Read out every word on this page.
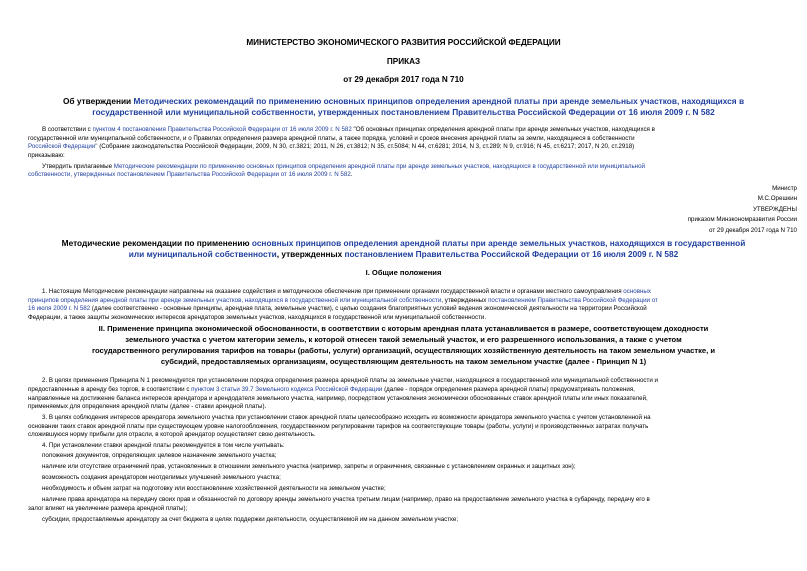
МИНИСТЕРСТВО ЭКОНОМИЧЕСКОГО РАЗВИТИЯ РОССИЙСКОЙ ФЕДЕРАЦИИ
ПРИКАЗ
от 29 декабря 2017 года N 710
Об утверждении Методических рекомендаций по применению основных принципов определения арендной платы при аренде земельных участков, находящихся в
государственной или муниципальной собственности, утвержденных постановлением Правительства Российской Федерации от 16 июля 2009 г. N 582
В соответствии с пунктом 4 постановления Правительства Российской Федерации от 16 июля 2009 г. N 582 "Об основных принципах определения арендной платы при аренде земельных участков, находящихся в
государственной или муниципальной собственности, и о Правилах определения размера арендной платы, а также порядка, условий и сроков внесения арендной платы за земли, находящиеся в собственности
Российской Федерации" (Собрание законодательства Российской Федерации, 2009, N 30, ст.3821; 2011, N 26, ст.3812; N 35, ст.5084; N 44, ст.6281; 2014, N 3, ст.289; N 9, ст.916; N 45, ст.6217; 2017, N 20, ст.2918)
приказываю:
Утвердить прилагаемые Методические рекомендации по применению основных принципов определения арендной платы при аренде земельных участков, находящихся в государственной или муниципальной
собственности, утвержденных постановлением Правительства Российской Федерации от 16 июля 2009 г. N 582.
Министр
М.С.Орешкин
УТВЕРЖДЕНЫ
приказом Минэкономразвития России
от 29 декабря 2017 года N 710
Методические рекомендации по применению основных принципов определения арендной платы при аренде земельных участков, находящихся в государственной
или муниципальной собственности, утвержденных постановлением Правительства Российской Федерации от 16 июля 2009 г. N 582
I. Общие положения
1. Настоящие Методические рекомендации направлены на оказание содействия и методическое обеспечение при применении органами государственной власти и органами местного самоуправления основных
принципов определения арендной платы при аренде земельных участков, находящихся в государственной или муниципальной собственности, утвержденных постановлением Правительства Российской Федерации от
16 июля 2009 г. N 582 (далее соответственно - основные принципы, арендная плата, земельные участки), с целью создания благоприятных условий ведения экономической деятельности на территории Российской
Федерации, а также защиты экономических интересов арендаторов земельных участков, находящихся в государственной или муниципальной собственности.
II. Применение принципа экономической обоснованности, в соответствии с которым арендная плата устанавливается в размере, соответствующем доходности
земельного участка с учетом категории земель, к которой отнесен такой земельный участок, и его разрешенного использования, а также с учетом
государственного регулирования тарифов на товары (работы, услуги) организаций, осуществляющих хозяйственную деятельность на таком земельном участке, и
субсидий, предоставляемых организациям, осуществляющим деятельность на таком земельном участке (далее - Принцип N 1)
2. В целях применения Принципа N 1 рекомендуется при установлении порядка определения размера арендной платы за земельные участки, находящиеся в государственной или муниципальной собственности и
предоставленные в аренду без торгов, в соответствии с пунктом 3 статьи 39.7 Земельного кодекса Российской Федерации (далее - порядок определения размера арендной платы) предусматривать положения,
направленные на достижение баланса интересов арендатора и арендодателя земельного участка, например, посредством установления экономически обоснованных ставок арендной платы или иных показателей,
применяемых для определения арендной платы (далее - ставки арендной платы).
3. В целях соблюдения интересов арендатора земельного участка при установлении ставок арендной платы целесообразно исходить из возможности арендатора земельного участка с учетом установленной на
основании таких ставок арендной платы при существующем уровне налогообложения, государственном регулировании тарифов на соответствующие товары (работы, услуги) и производственных затратах получать
сложившуюся норму прибыли для отрасли, в которой арендатор осуществляет свою деятельность.
4. При установлении ставки арендной платы рекомендуется в том числе учитывать:
положения документов, определяющих целевое назначение земельного участка;
наличие или отсутствие ограничений прав, установленных в отношении земельного участка (например, запреты и ограничения, связанные с установлением охранных и защитных зон);
возможность создания арендатором неотделимых улучшений земельного участка;
необходимость и объем затрат на подготовку или восстановление хозяйственной деятельности на земельном участке;
наличие права арендатора на передачу своих прав и обязанностей по договору аренды земельного участка третьим лицам (например, право на предоставление земельного участка в субаренду, передачу его в
залог влияет на увеличение размера арендной платы);
субсидии, предоставляемые арендатору за счет бюджета в целях поддержки деятельности, осуществляемой им на данном земельном участке;
